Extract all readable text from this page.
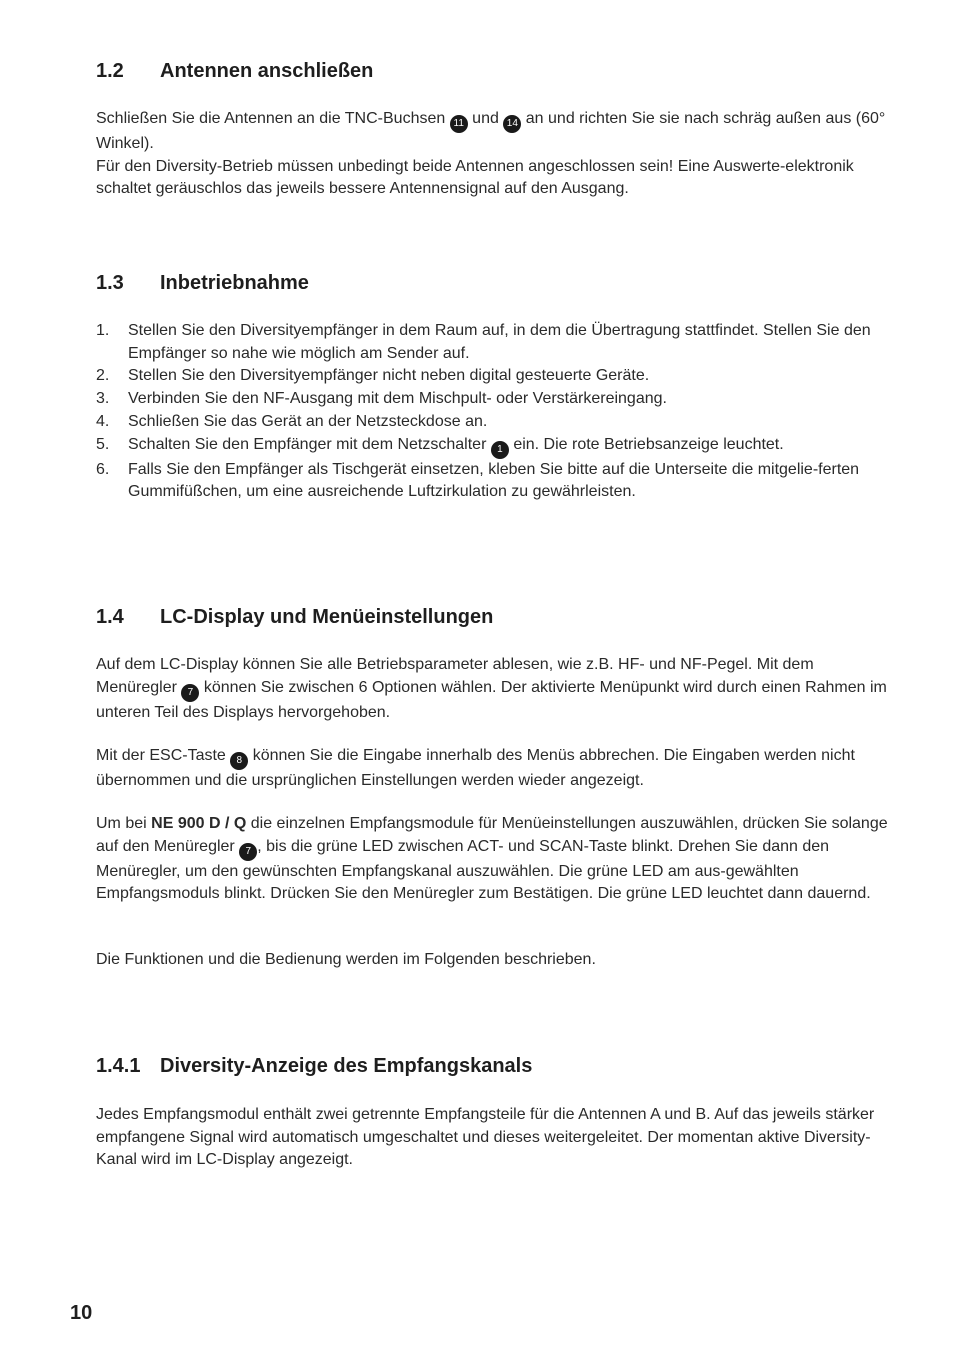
1.2 Antennen anschließen

Schließen Sie die Antennen an die TNC-Buchsen 11 und 14 an und richten Sie sie nach schräg außen aus (60° Winkel).
Für den Diversity-Betrieb müssen unbedingt beide Antennen angeschlossen sein! Eine Auswerte-elektronik schaltet geräuschlos das jeweils bessere Antennensignal auf den Ausgang.

1.3 Inbetriebnahme
1. Stellen Sie den Diversityempfänger in dem Raum auf, in dem die Übertragung stattfindet. Stellen Sie den Empfänger so nahe wie möglich am Sender auf.
2. Stellen Sie den Diversityempfänger nicht neben digital gesteuerte Geräte.
3. Verbinden Sie den NF-Ausgang mit dem Mischpult- oder Verstärkereingang.
4. Schließen Sie das Gerät an der Netzsteckdose an.
5. Schalten Sie den Empfänger mit dem Netzschalter 1 ein. Die rote Betriebsanzeige leuchtet.
6. Falls Sie den Empfänger als Tischgerät einsetzen, kleben Sie bitte auf die Unterseite die mitgelie-ferten Gummifüßchen, um eine ausreichende Luftzirkulation zu gewährleisten.
1.4 LC-Display und Menüeinstellungen

Auf dem LC-Display können Sie alle Betriebsparameter ablesen, wie z.B. HF- und NF-Pegel. Mit dem Menüregler 7 können Sie zwischen 6 Optionen wählen. Der aktivierte Menüpunkt wird durch einen Rahmen im unteren Teil des Displays hervorgehoben.

Mit der ESC-Taste 8 können Sie die Eingabe innerhalb des Menüs abbrechen. Die Eingaben werden nicht übernommen und die ursprünglichen Einstellungen werden wieder angezeigt.

Um bei NE 900 D / Q die einzelnen Empfangsmodule für Menüeinstellungen auszuwählen, drücken Sie solange auf den Menüregler 7 , bis die grüne LED zwischen ACT- und SCAN-Taste blinkt. Drehen Sie dann den Menüregler, um den gewünschten Empfangskanal auszuwählen. Die grüne LED am aus-gewählten Empfangsmoduls blinkt. Drücken Sie den Menüregler zum Bestätigen. Die grüne LED leuchtet dann dauernd.

Die Funktionen und die Bedienung werden im Folgenden beschrieben.

1.4.1 Diversity-Anzeige des Empfangskanals

Jedes Empfangsmodul enthält zwei getrennte Empfangsteile für die Antennen A und B. Auf das jeweils stärker empfangene Signal wird automatisch umgeschaltet und dieses weitergeleitet. Der momentan aktive Diversity-Kanal wird im LC-Display angezeigt.

10
